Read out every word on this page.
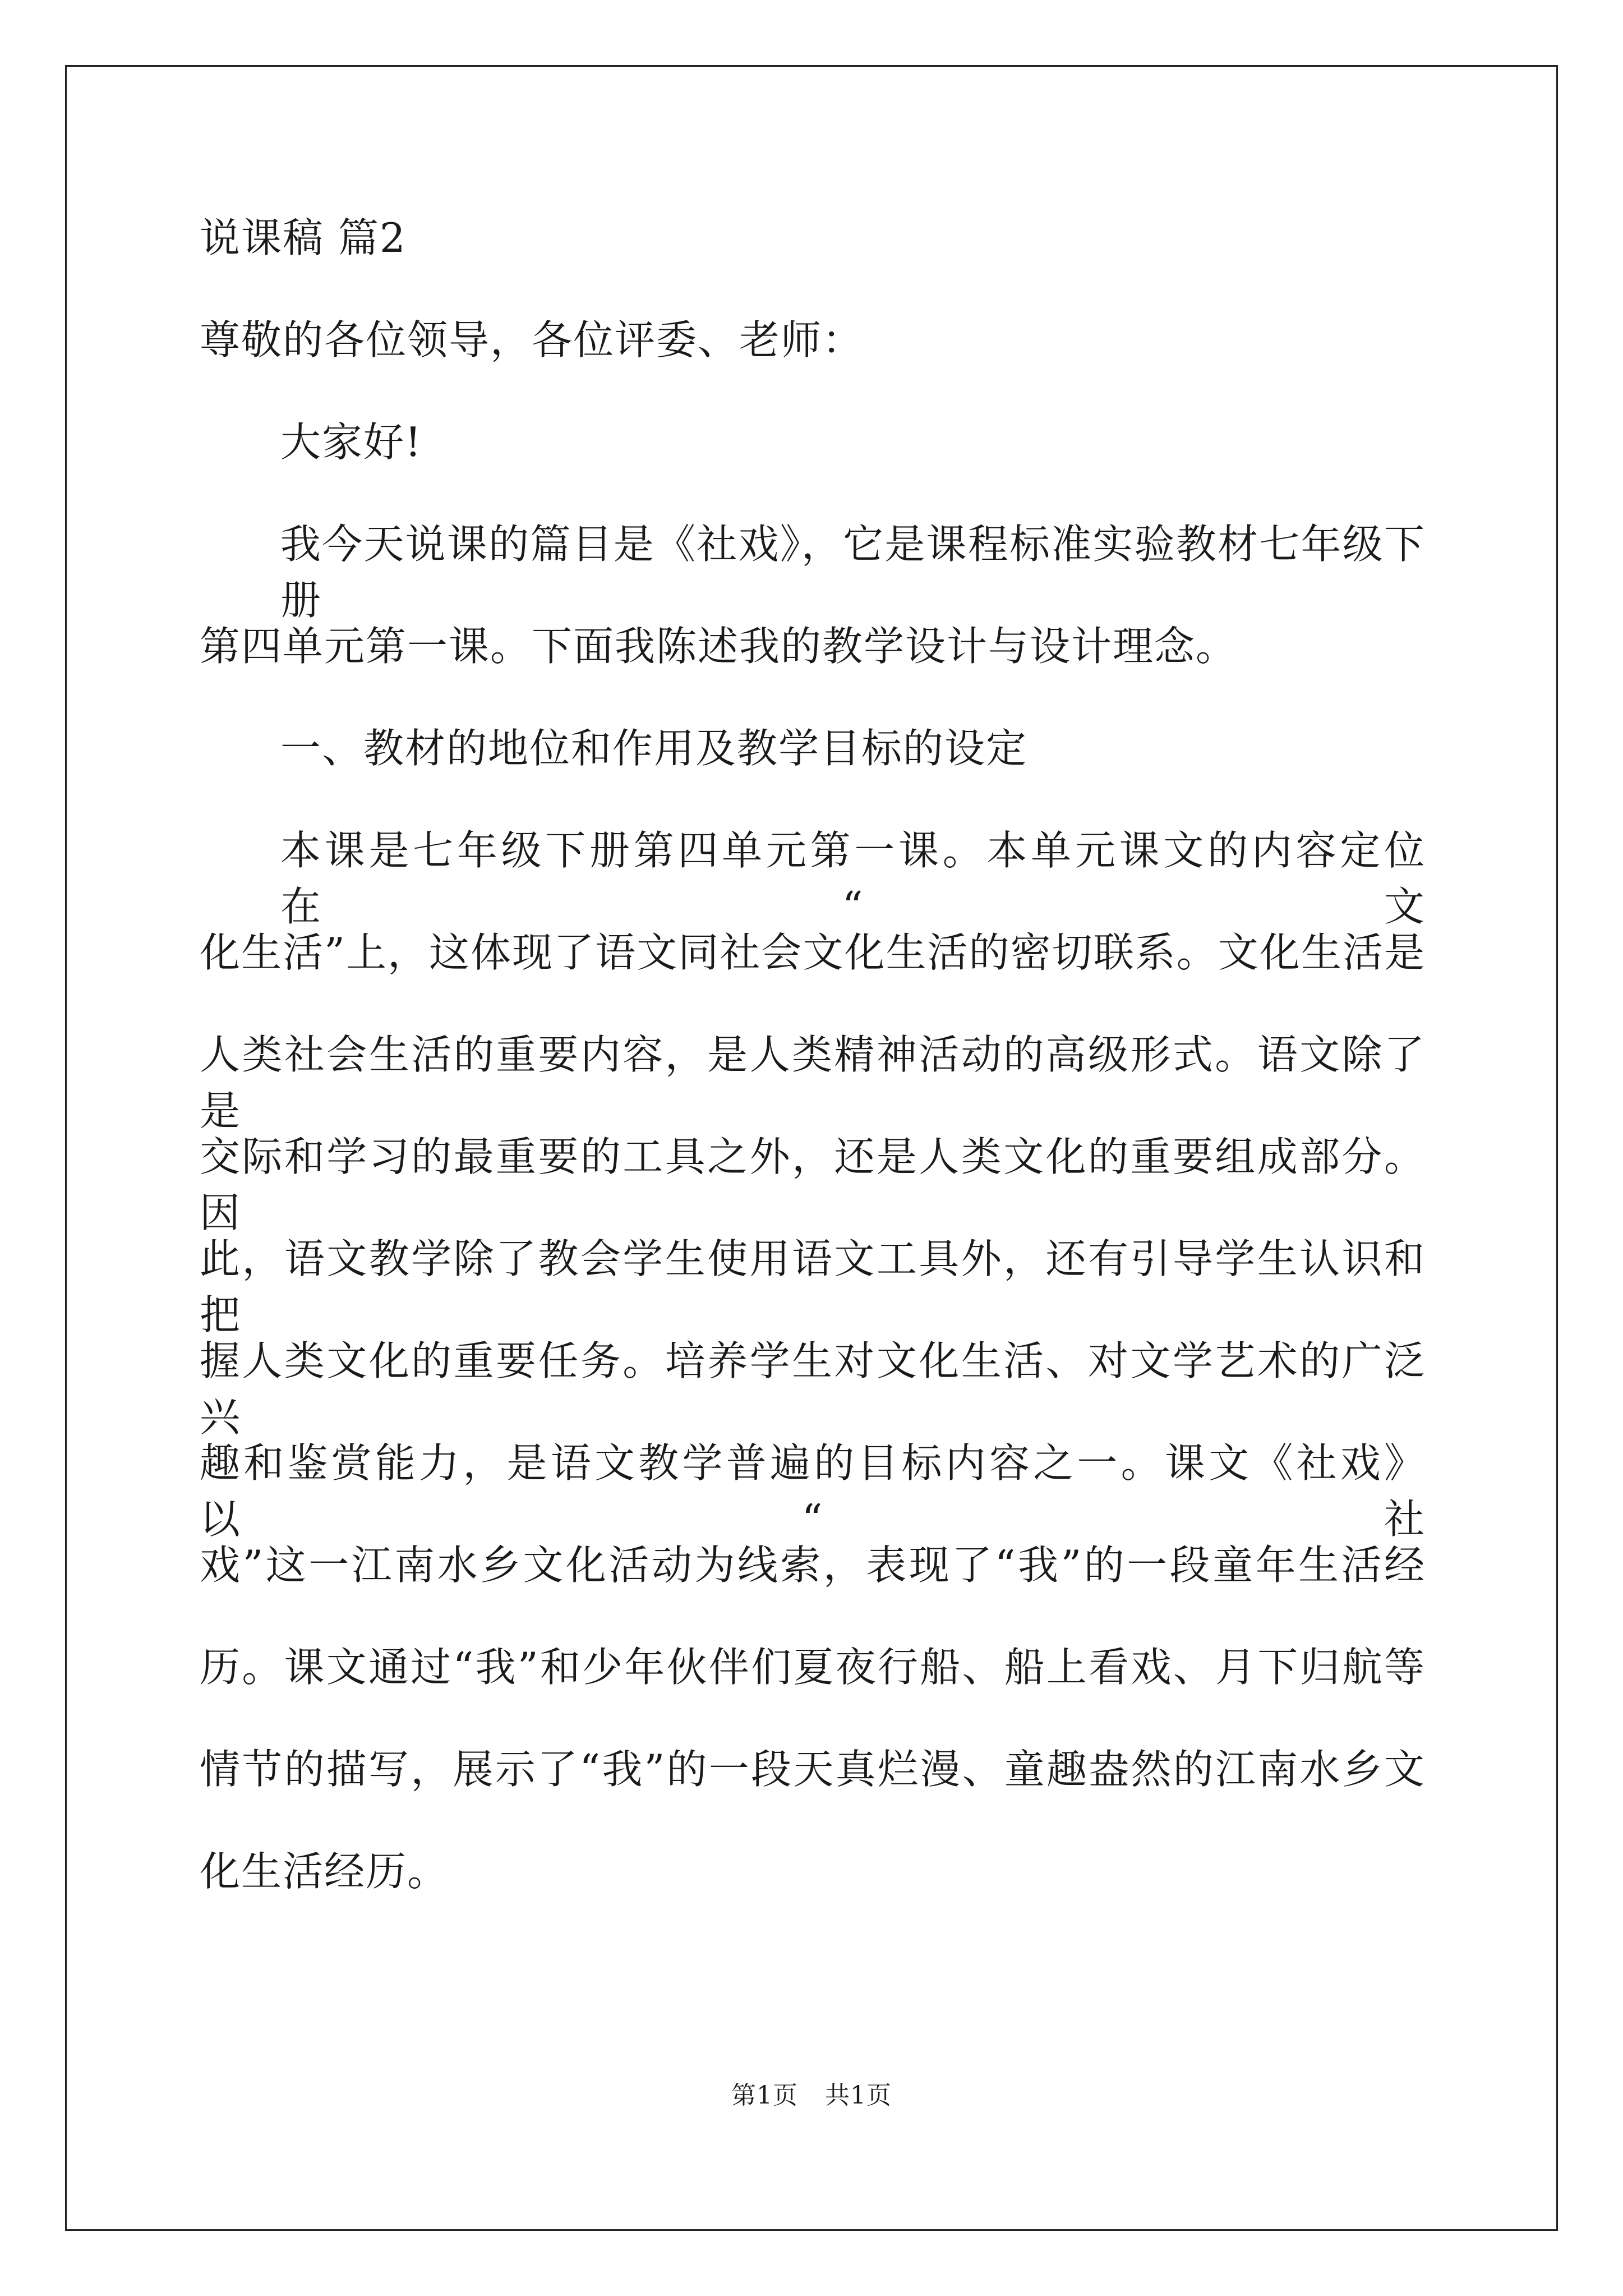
说课稿 篇2

尊敬的各位领导，各位评委、老师：

大家好!

我今天说课的篇目是《社戏》，它是课程标准实验教材七年级下册

第四单元第一课。下面我陈述我的教学设计与设计理念。

一、教材的地位和作用及教学目标的设定

本课是七年级下册第四单元第一课。本单元课文的内容定位在“文

化生活”上，这体现了语文同社会文化生活的密切联系。文化生活是

人类社会生活的重要内容，是人类精神活动的高级形式。语文除了是

交际和学习的最重要的工具之外，还是人类文化的重要组成部分。因

此，语文教学除了教会学生使用语文工具外，还有引导学生认识和把

握人类文化的重要任务。培养学生对文化生活、对文学艺术的广泛兴

趣和鉴赏能力，是语文教学普遍的目标内容之一。课文《社戏》以“社

戏”这一江南水乡文化活动为线索，表现了“我”的一段童年生活经

历。课文通过“我”和少年伙伴们夏夜行船、船上看戏、月下归航等

情节的描写，展示了“我”的一段天真烂漫、童趣盎然的江南水乡文

化生活经历。

第1页 共1页
